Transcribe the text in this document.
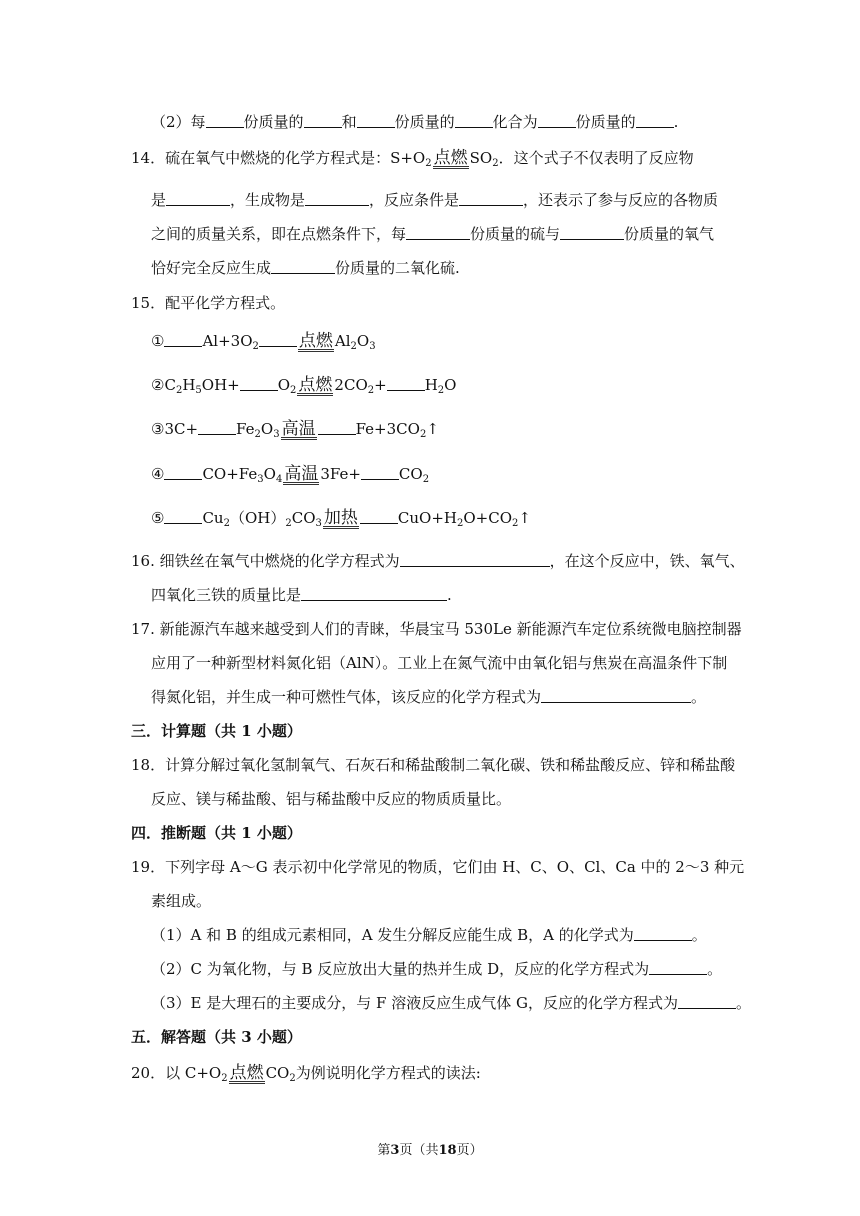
（2）每	份质量的	和	份质量的	化合为	份质量的	.
14．硫在氧气中燃烧的化学方程式是：$S+O_2$ 点燃 $SO_2$．这个式子不仅表明了反应物
是	，生成物是	，反应条件是	，还表示了参与反应的各物质
之间的质量关系，即在点燃条件下，每	份质量的硫与	份质量的氧气
恰好完全反应生成	份质量的二氧化硫.
15．配平化学方程式。
①	$Al+3O_2$ 点燃 $Al_2O_3$
$②C_2H_5OH+$	$O_2$ 点燃 $2CO_2+$	$H_2O$
③3C+	$Fe_2O_3$ 高温	$Fe+3CO_2↑$
④	$CO+Fe_3O_4$ 高温 3Fe+	$CO_2$
⑤	$Cu_2(OH)_2CO_3$ 加热	$CuO+H_2O+CO_2↑$
16. 细铁丝在氧气中燃烧的化学方程式为	，在这个反应中，铁、氧气、
四氧化三铁的质量比是	.
17. 新能源汽车越来越受到人们的青睐，华晨宝马 530Le 新能源汽车定位系统微电脑控制器
应用了一种新型材料氮化铝（AlN）。工业上在氮气流中由氧化铝与焦炭在高温条件下制
得氮化铝，并生成一种可燃性气体，该反应的化学方程式为	。
三．计算题（共 1 小题）
18．计算分解过氧化氢制氧气、石灰石和稀盐酸制二氧化碳、铁和稀盐酸反应、锌和稀盐酸
反应、镁与稀盐酸、铝与稀盐酸中反应的物质质量比。
四．推断题（共 1 小题）
19．下列字母 A～G 表示初中化学常见的物质，它们由 H、C、O、Cl、Ca 中的 2～3 种元
素组成。
（1）A 和 B 的组成元素相同，A 发生分解反应能生成 B，A 的化学式为	。
（2）C 为氧化物，与 B 反应放出大量的热并生成 D，反应的化学方程式为	。
（3）E 是大理石的主要成分，与 F 溶液反应生成气体 G，反应的化学方程式为	。
五．解答题（共 3 小题）
20．以 $C+O_2$ 点燃 $CO_2$为例说明化学方程式的读法:
第3页（共18页）
